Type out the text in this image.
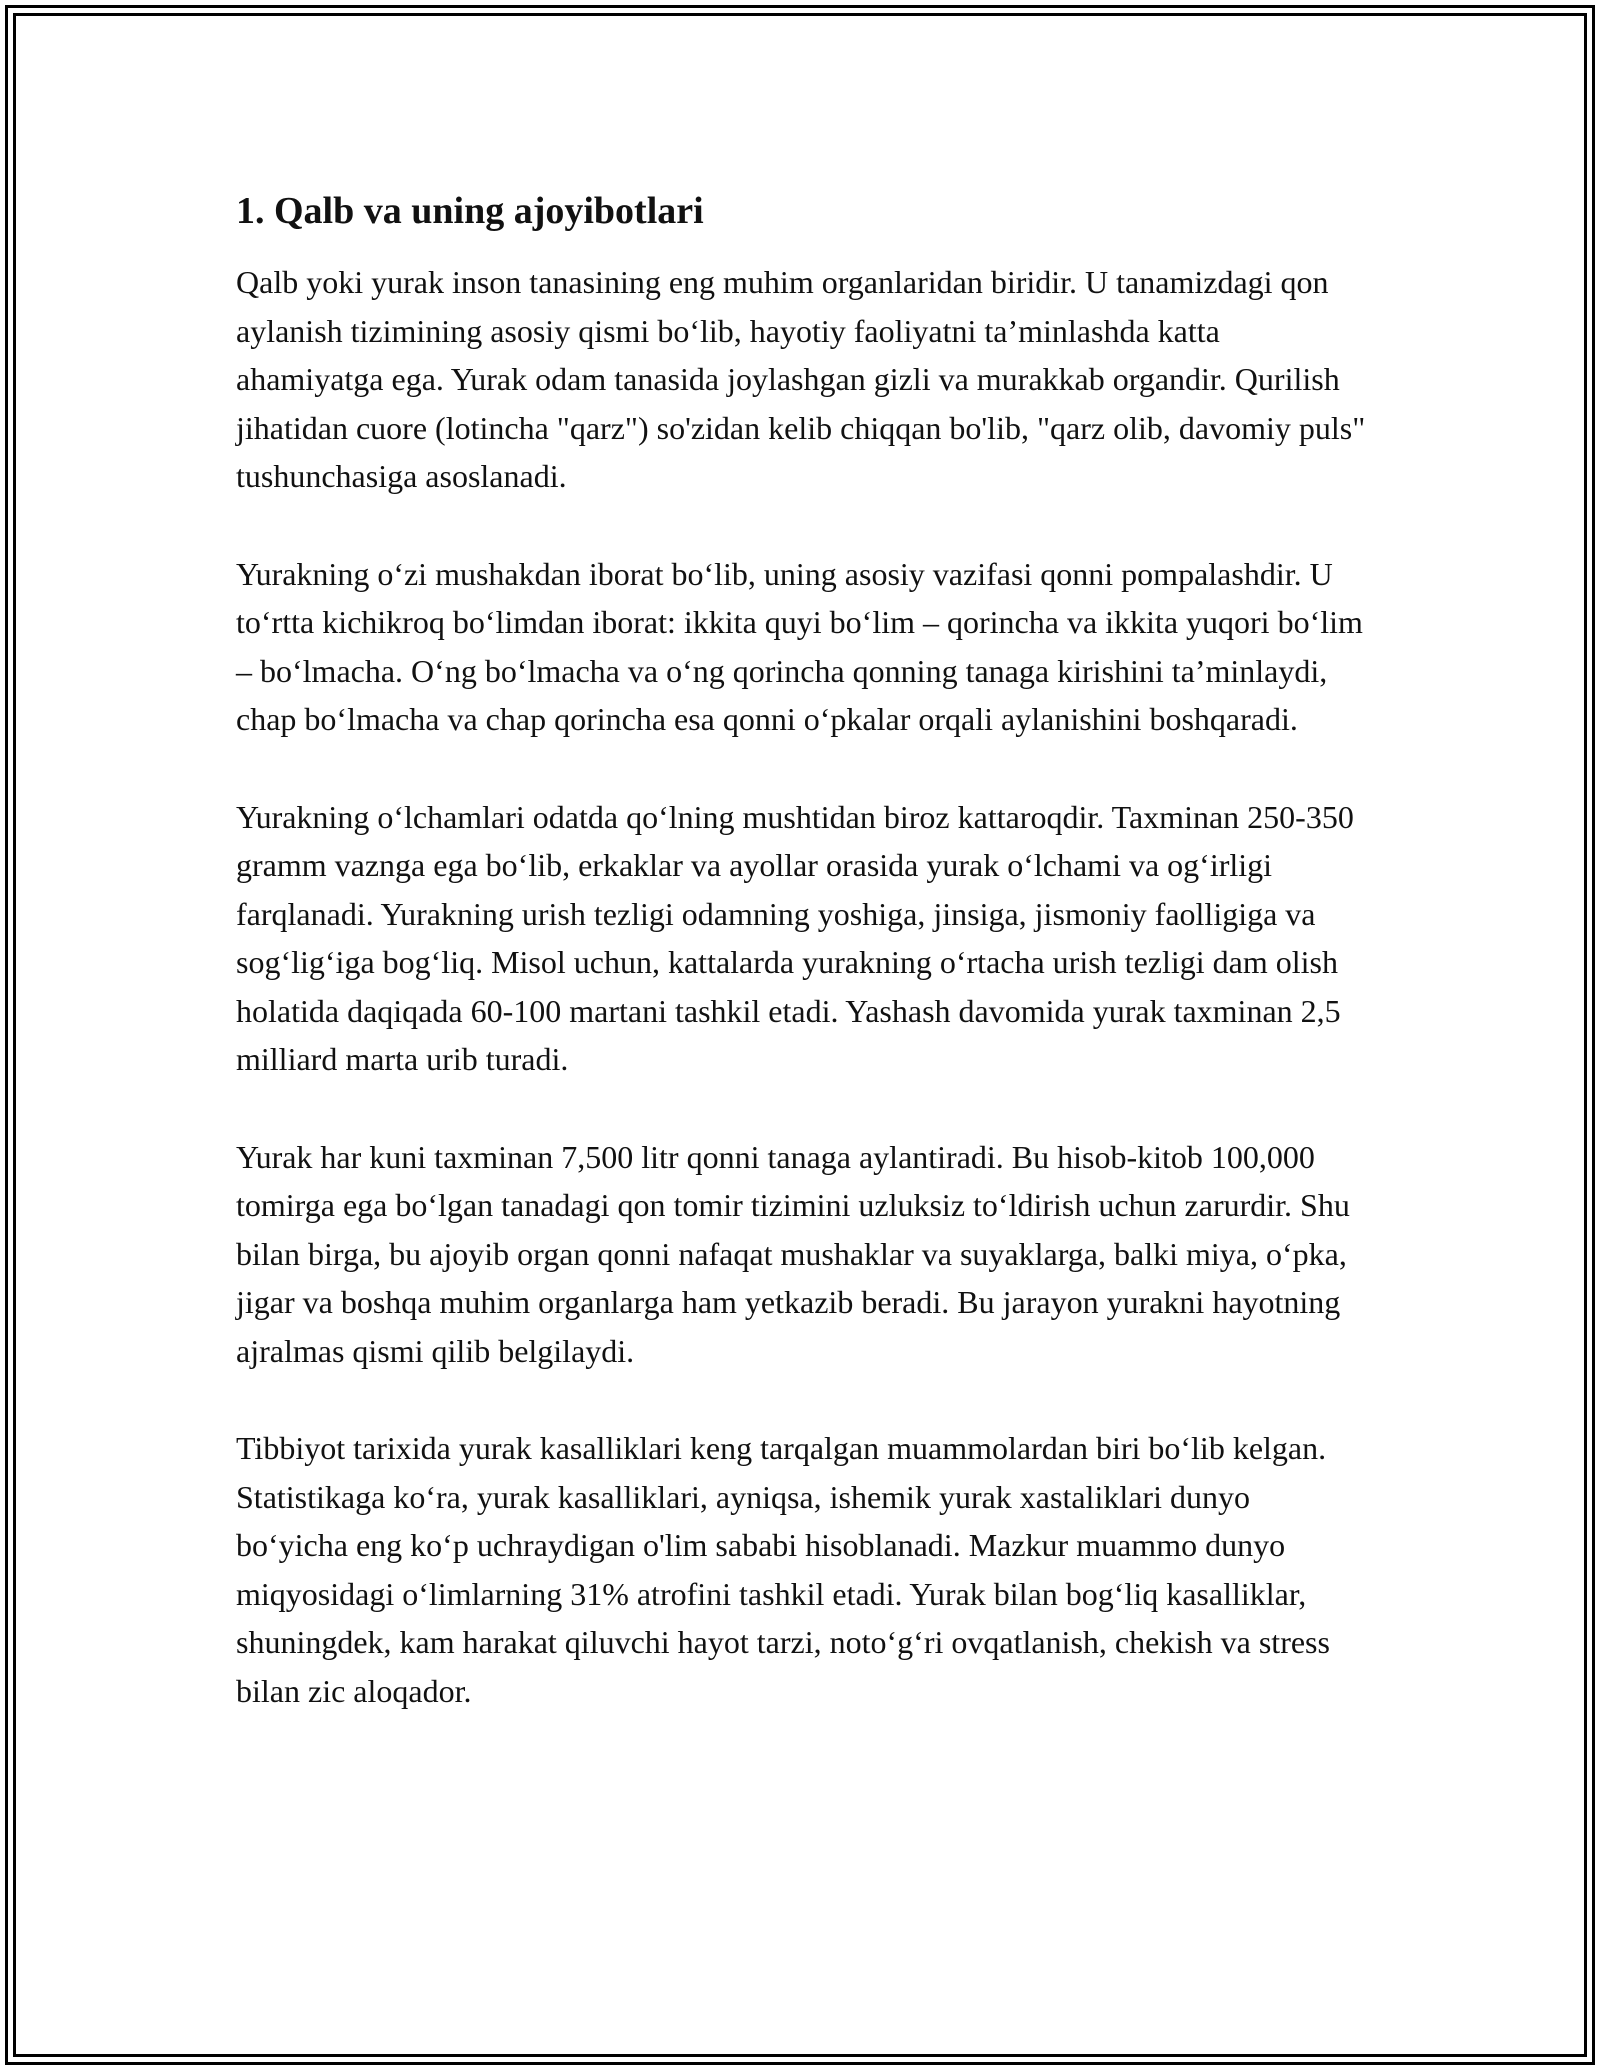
1. Qalb va uning ajoyibotlari

Qalb yoki yurak inson tanasining eng muhim organlaridan biridir. U tanamizdagi qon aylanish tizimining asosiy qismi boʻlib, hayotiy faoliyatni taʼminlashda katta ahamiyatga ega. Yurak odam tanasida joylashgan gizli va murakkab organdir. Qurilish jihatidan cuore (lotincha "qarz") so'zidan kelib chiqqan bo'lib, "qarz olib, davomiy puls" tushunchasiga asoslanadi.

Yurakning oʻzi mushakdan iborat boʻlib, uning asosiy vazifasi qonni pompalashdir. U toʻrtta kichikroq boʻlimdan iborat: ikkita quyi boʻlim – qorincha va ikkita yuqori boʻlim – boʻlmacha. Oʻng boʻlmacha va oʻng qorincha qonning tanaga kirishini taʼminlaydi, chap boʻlmacha va chap qorincha esa qonni oʻpkalar orqali aylanishini boshqaradi.

Yurakning oʻlchamlari odatda qoʻlning mushtidan biroz kattaroqdir. Taxminan 250-350 gramm vaznga ega boʻlib, erkaklar va ayollar orasida yurak oʻlchami va ogʻirligi farqlanadi. Yurakning urish tezligi odamning yoshiga, jinsiga, jismoniy faolligiga va sogʻligʻiga bogʻliq. Misol uchun, kattalarda yurakning oʻrtacha urish tezligi dam olish holatida daqiqada 60-100 martani tashkil etadi. Yashash davomida yurak taxminan 2,5 milliard marta urib turadi.

Yurak har kuni taxminan 7,500 litr qonni tanaga aylantiradi. Bu hisob-kitob 100,000 tomirga ega boʻlgan tanadagi qon tomir tizimini uzluksiz toʻldirish uchun zarurdir. Shu bilan birga, bu ajoyib organ qonni nafaqat mushaklar va suyaklarga, balki miya, oʻpka, jigar va boshqa muhim organlarga ham yetkazib beradi. Bu jarayon yurakni hayotning ajralmas qismi qilib belgilaydi.

Tibbiyot tarixida yurak kasalliklari keng tarqalgan muammolardan biri boʻlib kelgan. Statistikaga koʻra, yurak kasalliklari, ayniqsa, ishemik yurak xastaliklari dunyo boʻyicha eng koʻp uchraydigan o'lim sababi hisoblanadi. Mazkur muammo dunyo miqyosidagi oʻlimlarning 31% atrofini tashkil etadi. Yurak bilan bogʻliq kasalliklar, shuningdek, kam harakat qiluvchi hayot tarzi, notoʻgʻri ovqatlanish, chekish va stress bilan zic aloqador.
